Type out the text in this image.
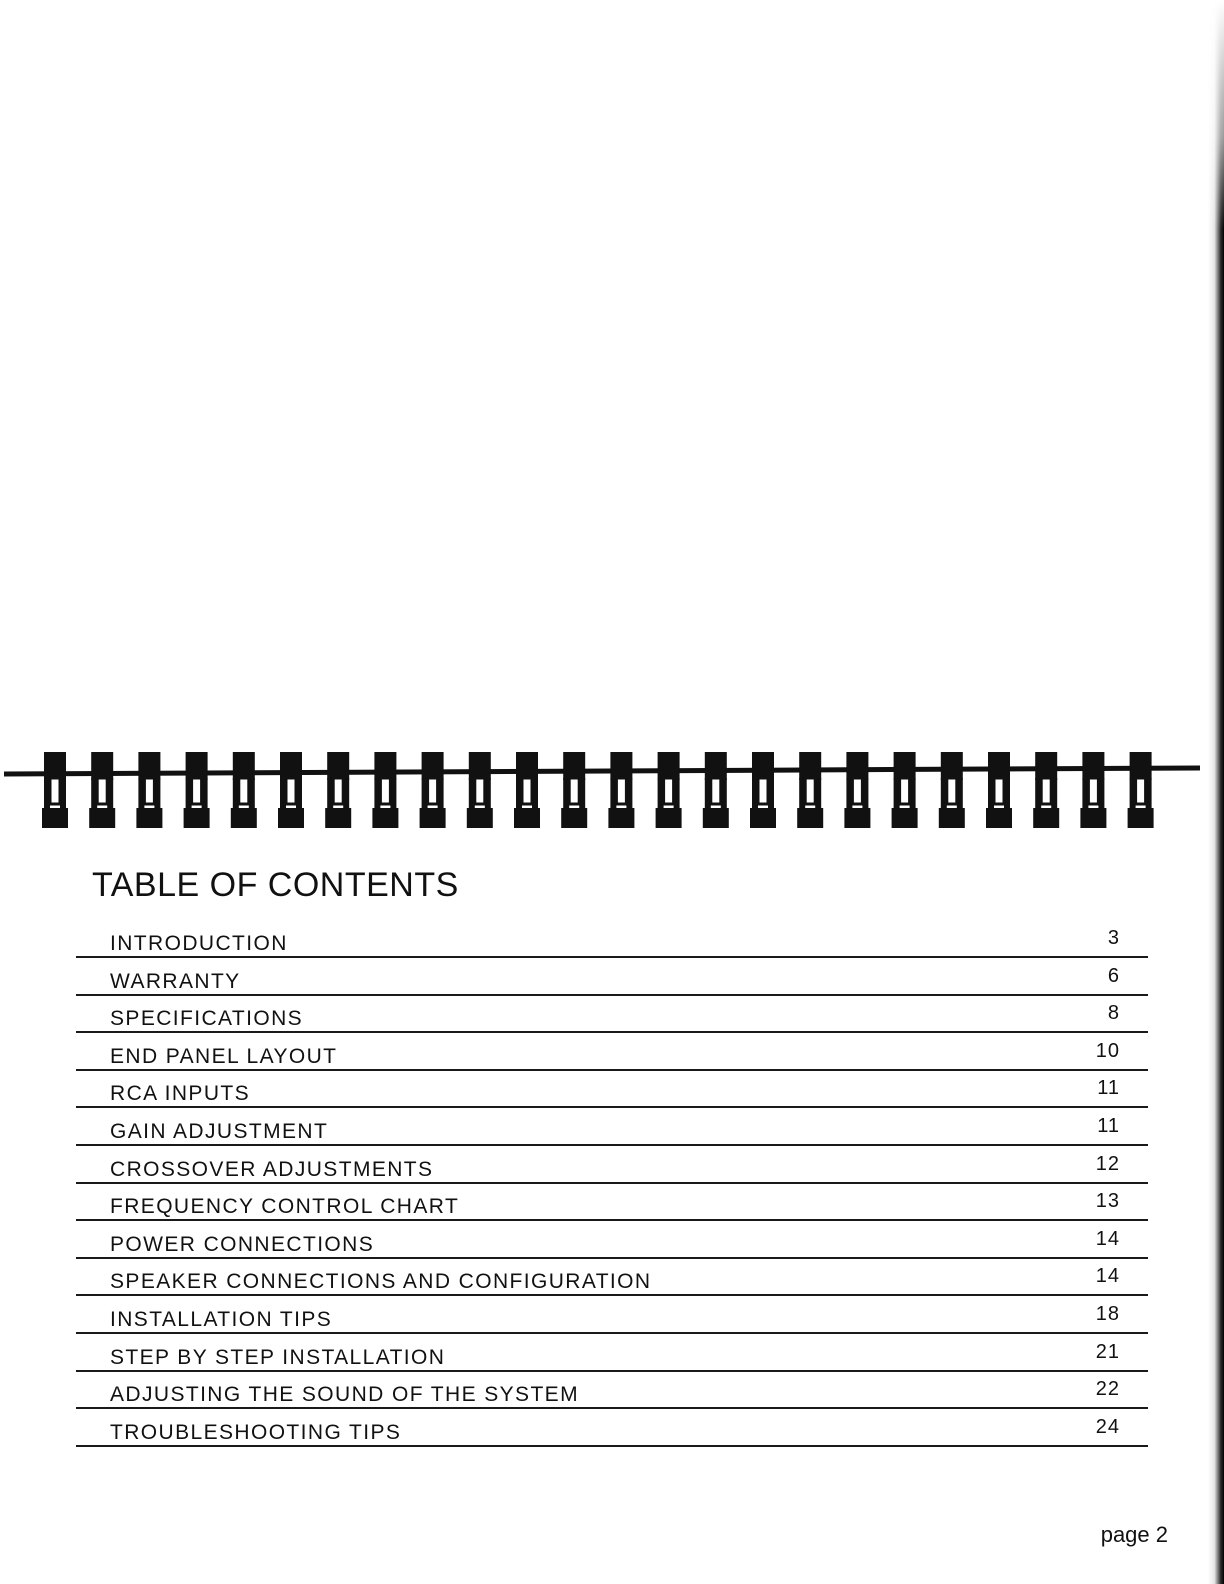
TABLE OF CONTENTS
INTRODUCTION	3
WARRANTY	6
SPECIFICATIONS	8
END PANEL LAYOUT	10
RCA INPUTS	11
GAIN ADJUSTMENT	11
CROSSOVER ADJUSTMENTS	12
FREQUENCY CONTROL CHART	13
POWER CONNECTIONS	14
SPEAKER CONNECTIONS AND CONFIGURATION	14
INSTALLATION TIPS	18
STEP BY STEP INSTALLATION	21
ADJUSTING THE SOUND OF THE SYSTEM	22
TROUBLESHOOTING TIPS	24
page 2
